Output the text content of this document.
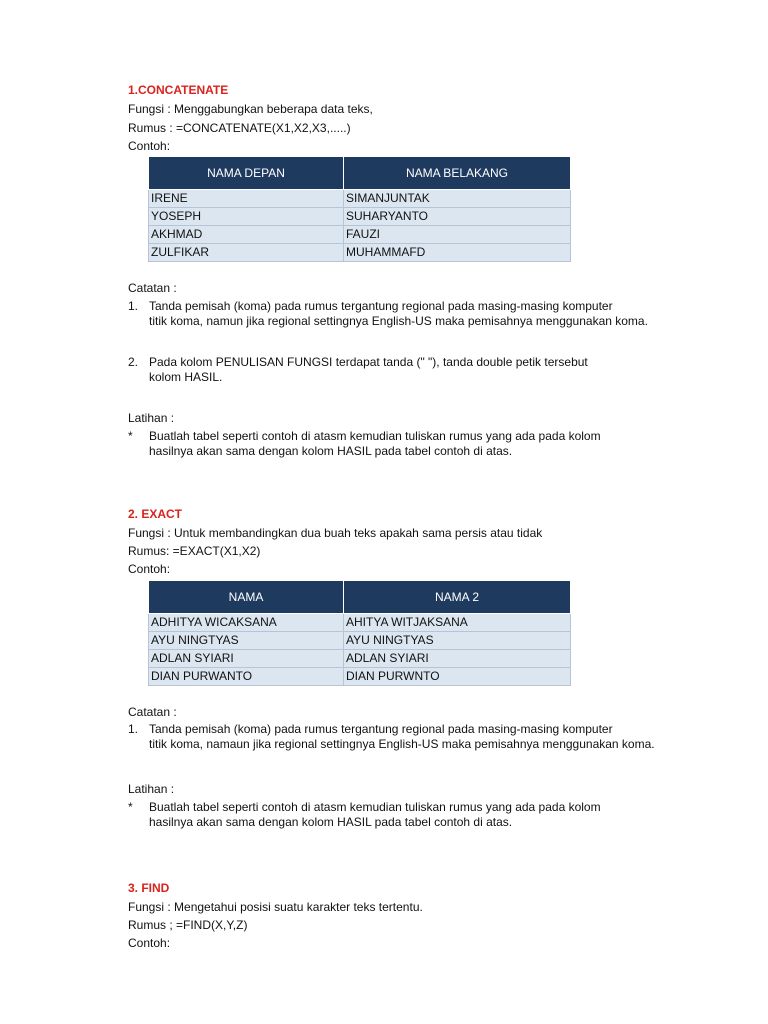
1.CONCATENATE
Fungsi : Menggabungkan beberapa data teks,
Rumus : =CONCATENATE(X1,X2,X3,.....)
Contoh:
NAMA DEPAN	NAMA BELAKANG
IRENE	SIMANJUNTAK
YOSEPH	SUHARYANTO
AKHMAD	FAUZI
ZULFIKAR	MUHAMMAFD
Catatan :
1. Tanda pemisah (koma) pada rumus tergantung regional pada masing-masing komputer
titik koma, namun jika regional settingnya English-US maka pemisahnya menggunakan koma.
2. Pada kolom PENULISAN FUNGSI terdapat tanda (" "), tanda double petik tersebut
kolom HASIL.
Latihan :
* Buatlah tabel seperti contoh di atasm kemudian tuliskan rumus yang ada pada kolom
hasilnya akan sama dengan kolom HASIL pada tabel contoh di atas.
2. EXACT
Fungsi : Untuk membandingkan dua buah teks apakah sama persis atau tidak
Rumus: =EXACT(X1,X2)
Contoh:
NAMA	NAMA 2
ADHITYA WICAKSANA	AHITYA WITJAKSANA
AYU NINGTYAS	AYU NINGTYAS
ADLAN SYIARI	ADLAN SYIARI
DIAN PURWANTO	DIAN PURWNTO
Catatan :
1. Tanda pemisah (koma) pada rumus tergantung regional pada masing-masing komputer
titik koma, namaun jika regional settingnya English-US maka pemisahnya menggunakan koma.
Latihan :
* Buatlah tabel seperti contoh di atasm kemudian tuliskan rumus yang ada pada kolom
hasilnya akan sama dengan kolom HASIL pada tabel contoh di atas.
3. FIND
Fungsi : Mengetahui posisi suatu karakter teks tertentu.
Rumus ; =FIND(X,Y,Z)
Contoh:
